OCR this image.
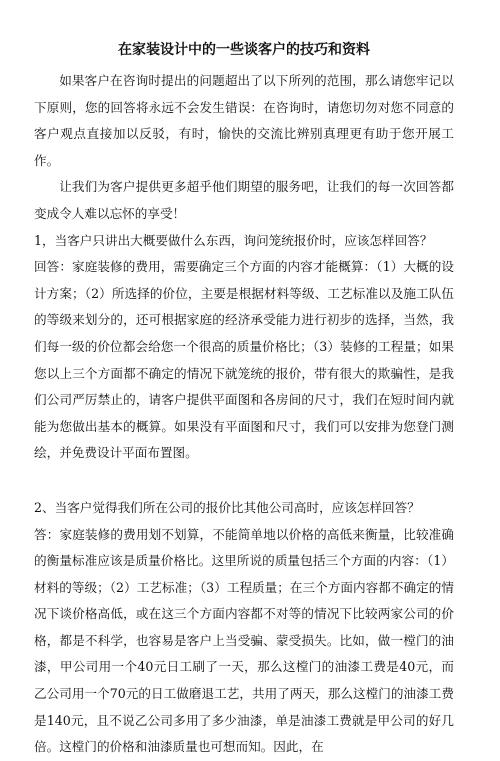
在家装设计中的一些谈客户的技巧和资料

如果客户在咨询时提出的问题超出了以下所列的范围，那么请您牢记以下原则，您的回答将永远不会发生错误：在咨询时，请您切勿对您不同意的客户观点直接加以反驳，有时，愉快的交流比辨别真理更有助于您开展工作。

让我们为客户提供更多超乎他们期望的服务吧，让我们的每一次回答都变成令人难以忘怀的享受！

1，当客户只讲出大概要做什么东西，询问笼统报价时，应该怎样回答？

回答：家庭装修的费用，需要确定三个方面的内容才能概算：（1）大概的设计方案；（2）所选择的价位，主要是根据材料等级、工艺标准以及施工队伍的等级来划分的，还可根据家庭的经济承受能力进行初步的选择，当然，我们每一级的价位都会给您一个很高的质量价格比；（3）装修的工程量；如果您以上三个方面都不确定的情况下就笼统的报价，带有很大的欺骗性，是我们公司严厉禁止的，请客户提供平面图和各房间的尺寸，我们在短时间内就能为您做出基本的概算。如果没有平面图和尺寸，我们可以安排为您登门测绘，并免费设计平面布置图。

2、当客户觉得我们所在公司的报价比其他公司高时，应该怎样回答？

答：家庭装修的费用划不划算，不能简单地以价格的高低来衡量，比较准确的衡量标准应该是质量价格比。这里所说的质量包括三个方面的内容：（1）材料的等级；（2）工艺标准；（3）工程质量；在三个方面内容都不确定的情况下谈价格高低，或在这三个方面内容都不对等的情况下比较两家公司的价格，都是不科学，也容易是客户上当受骗、蒙受损失。比如，做一樘门的油漆，甲公司用一个40元日工刷了一天，那么这樘门的油漆工费是40元，而乙公司用一个70元的日工做磨退工艺，共用了两天，那么这樘门的油漆工费是140元，且不说乙公司多用了多少油漆，单是油漆工费就是甲公司的好几倍。这樘门的价格和油漆质量也可想而知。因此，在
